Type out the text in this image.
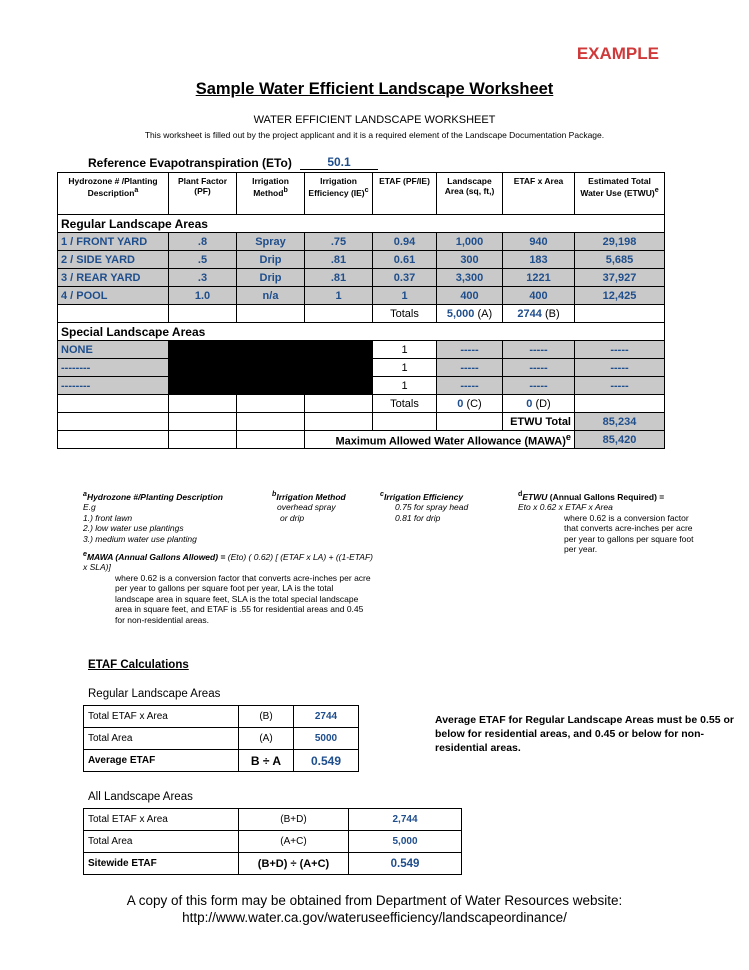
EXAMPLE
Sample Water Efficient Landscape Worksheet
WATER EFFICIENT LANDSCAPE WORKSHEET
This worksheet is filled out by the project applicant and it is a required element of the Landscape Documentation Package.
Reference Evapotranspiration (ETo)	50.1
Hydrozone # /Planting Description$^a$	Plant Factor (PF)	Irrigation Method$^b$	Irrigation Efficiency (IE)$^c$	ETAF (PF/IE)	Landscape Area (sq, ft,)	ETAF x Area	Estimated Total Water Use (ETWU)$^e$
Regular Landscape Areas							
1 / FRONT YARD	.8	Spray	.75	0.94	1,000	940	29,198
2 / SIDE YARD	.5	Drip	.81	0.61	300	183	5,685
3 / REAR YARD	.3	Drip	.81	0.37	3,300	1221	37,927
4 / POOL	1.0	n/a	1	1	400	400	12,425
				Totals	5,000 (A)	2744 (B)	
Special Landscape Areas							
NONE				1	-----	-----	-----
--------				1	-----	-----	-----
--------				1	-----	-----	-----
				Totals	0 (C)	0 (D)	
						ETWU Total	85,234
			Maximum Allowed Water Allowance (MAWA)$^e$				85,420
$^a$Hydrozone #/Planting Description
E.g
1.) front lawn
2.) low water use plantings
3.) medium water use planting
$^b$Irrigation Method
overhead spray
or drip
$^c$Irrigation Efficiency
0.75 for spray head
0.81 for drip
$^d$ETWU (Annual Gallons Required) =
Eto x 0.62 x ETAF x Area
where 0.62 is a conversion factor that converts acre-inches per acre per year to gallons per square foot per year.
$^e$MAWA (Annual Gallons Allowed) = (Eto) ( 0.62) [ (ETAF x LA) + ((1-ETAF) x SLA)]
where 0.62 is a conversion factor that converts acre-inches per acre per year to gallons per square foot per year, LA is the total landscape area in square feet, SLA is the total special landscape area in square feet, and ETAF is .55 for residential areas and 0.45 for non-residential areas.
ETAF Calculations
Regular Landscape Areas
Total ETAF x Area	(B)	2744
Total Area	(A)	5000
Average ETAF	B ÷ A	0.549
Average ETAF for Regular Landscape Areas must be 0.55 or below for residential areas, and 0.45 or below for non-residential areas.
All Landscape Areas
Total ETAF x Area	(B+D)	2,744
Total Area	(A+C)	5,000
Sitewide ETAF	(B+D) ÷ (A+C)	0.549
A copy of this form may be obtained from Department of Water Resources website:
http://www.water.ca.gov/wateruseefficiency/landscapeordinance/
